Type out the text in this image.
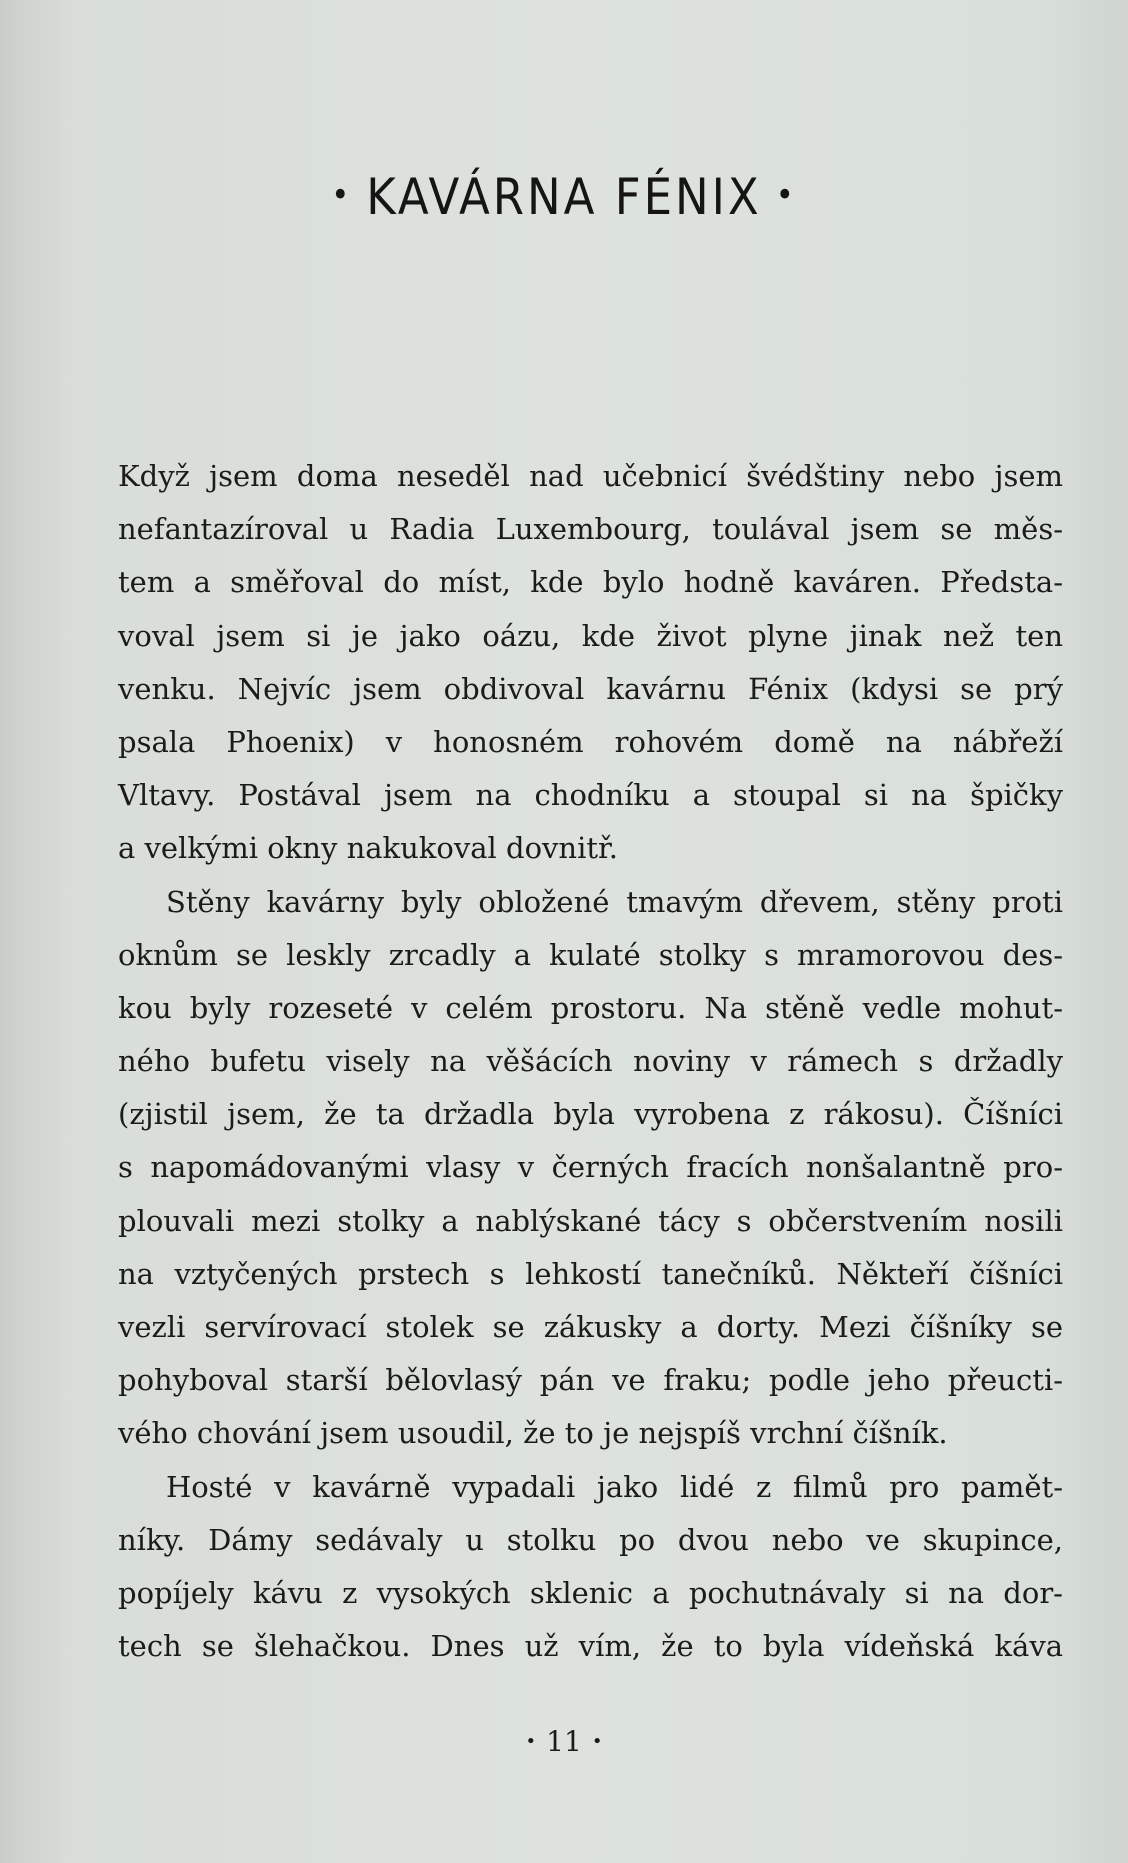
• KAVÁRNA FÉNIX •

Když jsem doma neseděl nad učebnicí švédštiny nebo jsem
nefantazíroval u Radia Luxembourg, toulával jsem se měs-
tem a směřoval do míst, kde bylo hodně kaváren. Předsta-
voval jsem si je jako oázu, kde život plyne jinak než ten
venku. Nejvíc jsem obdivoval kavárnu Fénix (kdysi se prý
psala Phoenix) v honosném rohovém domě na nábřeží
Vltavy. Postával jsem na chodníku a stoupal si na špičky
a velkými okny nakukoval dovnitř.

Stěny kavárny byly obložené tmavým dřevem, stěny proti
oknům se leskly zrcadly a kulaté stolky s mramorovou des-
kou byly rozeseté v celém prostoru. Na stěně vedle mohut-
ného bufetu visely na věšácích noviny v rámech s držadly
(zjistil jsem, že ta držadla byla vyrobena z rákosu). Číšníci
s napomádovanými vlasy v černých fracích nonšalantně pro-
plouvali mezi stolky a nablýskané tácy s občerstvením nosili
na vztyčených prstech s lehkostí tanečníků. Někteří číšníci
vezli servírovací stolek se zákusky a dorty. Mezi číšníky se
pohyboval starší bělovlasý pán ve fraku; podle jeho přeucti-
vého chování jsem usoudil, že to je nejspíš vrchní číšník.

Hosté v kavárně vypadali jako lidé z filmů pro pamět-
níky. Dámy sedávaly u stolku po dvou nebo ve skupince,
popíjely kávu z vysokých sklenic a pochutnávaly si na dor-
tech se šlehačkou. Dnes už vím, že to byla vídeňská káva

• 11 •
